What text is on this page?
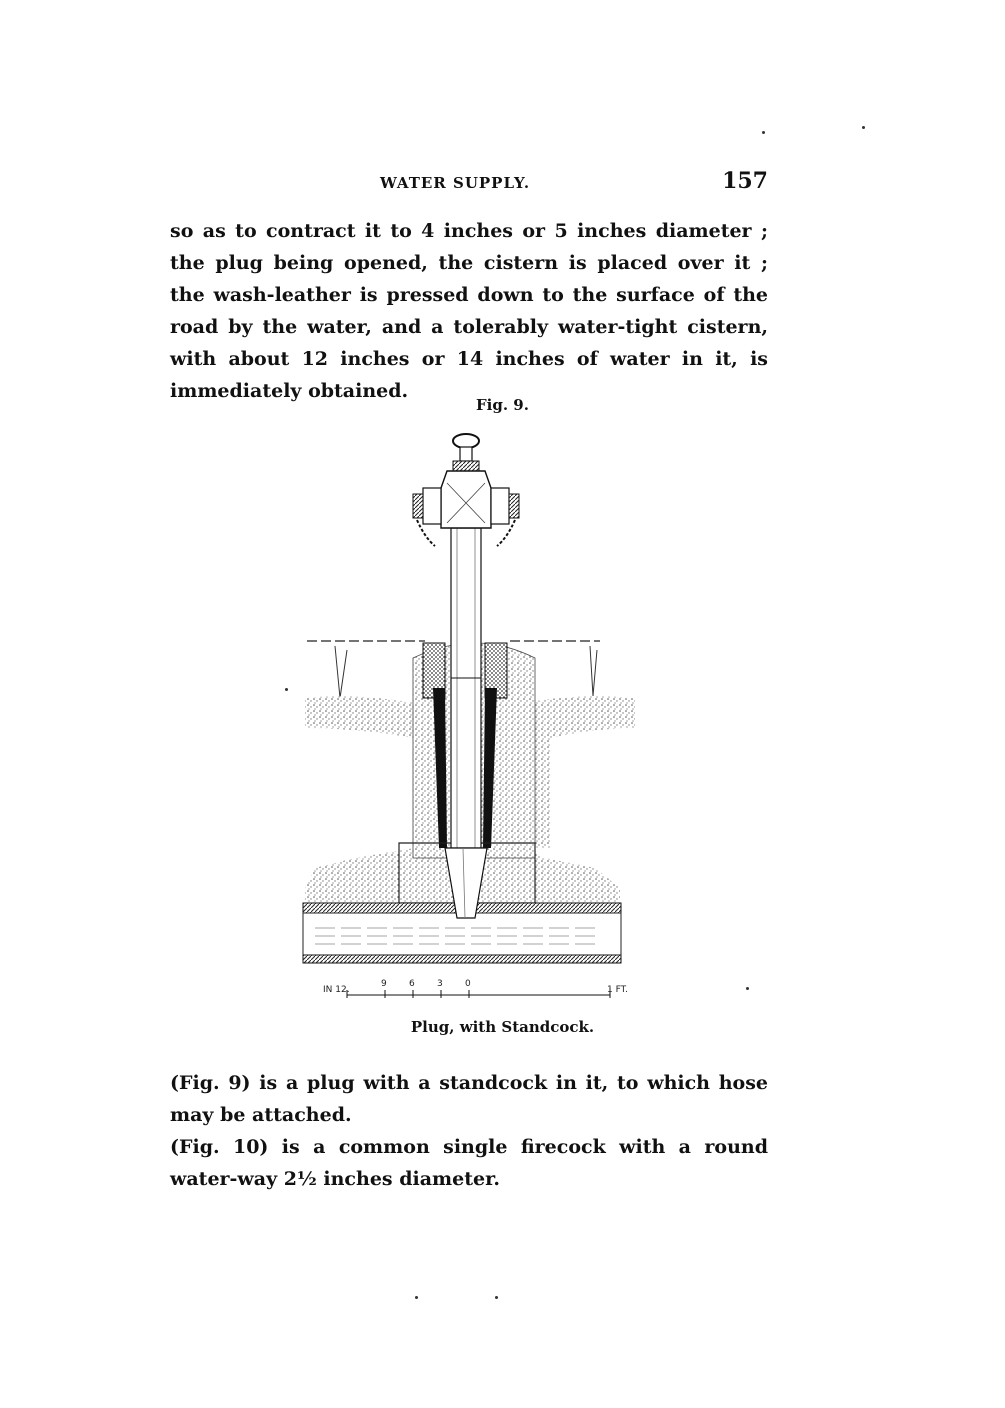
WATER SUPPLY.	157

so as to contract it to 4 inches or 5 inches diameter ; the plug being opened, the cistern is placed over it ; the wash-leather is pressed down to the surface of the road by the water, and a tolerably water-tight cistern, with about 12 inches or 14 inches of water in it, is immediately obtained.

Fig. 9.
IN 12.
9 6 3 0
1 FT.
Plug, with Standcock.

(Fig. 9) is a plug with a standcock in it, to which hose may be attached.

(Fig. 10) is a common single firecock with a round water-way 2½ inches diameter.
